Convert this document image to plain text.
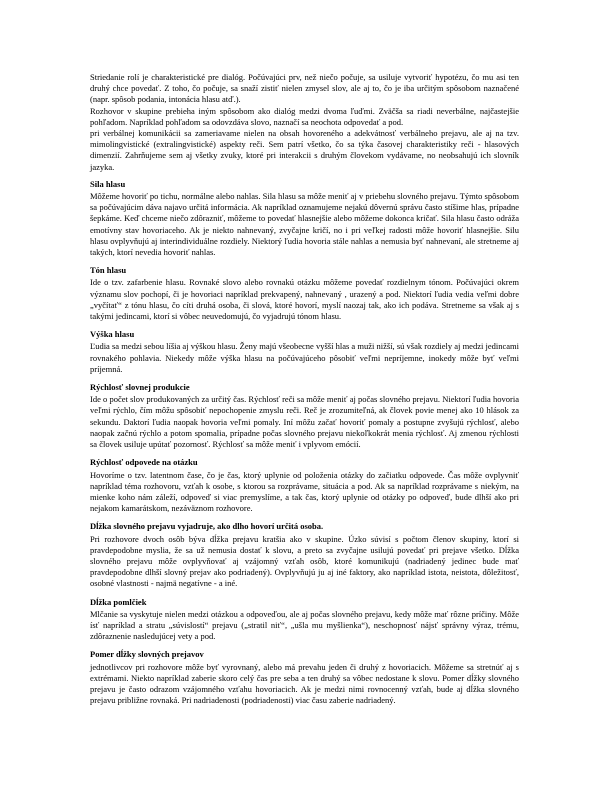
Striedanie rolí je charakteristické pre dialóg. Počúvajúci prv, než niečo počuje, sa usiluje vytvoriť hypotézu, čo mu asi ten druhý chce povedať. Z toho, čo počuje, sa snaží zistiť nielen zmysel slov, ale aj to, čo je iba určitým spôsobom naznačené (napr. spôsob podania, intonácia hlasu atď.).

Rozhovor v skupine prebieha iným spôsobom ako dialóg medzi dvoma ľuďmi. Zväčša sa riadi neverbálne, najčastejšie pohľadom. Napríklad pohľadom sa odovzdáva slovo, naznačí sa neochota odpovedať a pod.

pri verbálnej komunikácii sa zameriavame nielen na obsah hovoreného a adekvátnosť verbálneho prejavu, ale aj na tzv. mimolingvistické (extralingvistické) aspekty reči. Sem patrí všetko, čo sa týka časovej charakteristiky reči - hlasových dimenzií. Zahrňujeme sem aj všetky zvuky, ktoré pri interakcii s druhým človekom vydávame, no neobsahujú ich slovník jazyka.

Sila hlasu

Môžeme hovoriť po tichu, normálne alebo nahlas. Sila hlasu sa môže meniť aj v priebehu slovného prejavu. Týmto spôsobom sa počúvajúcim dáva najavo určitá informácia. Ak napríklad oznamujeme nejakú dôvernú správu často stíšime hlas, prípadne šepkáme. Keď chceme niečo zdôrazniť, môžeme to povedať hlasnejšie alebo môžeme dokonca kričať. Sila hlasu často odráža emotívny stav hovoriaceho. Ak je niekto nahnevaný, zvyčajne kričí, no i pri veľkej radosti môže hovoriť hlasnejšie. Silu hlasu ovplyvňujú aj interindividuálne rozdiely. Niektorý ľudia hovoria stále nahlas a nemusia byť nahnevaní, ale stretneme aj takých, ktorí nevedia hovoriť nahlas.

Tón hlasu

Ide o tzv. zafarbenie hlasu. Rovnaké slovo alebo rovnakú otázku môžeme povedať rozdielnym tónom. Počúvajúci okrem významu slov pochopí, či je hovoriaci napríklad prekvapený, nahnevaný , urazený a pod. Niektorí ľudia vedia veľmi dobre „vyčítať“ z tónu hlasu, čo cíti druhá osoba, či slová, ktoré hovorí, myslí naozaj tak, ako ich podáva. Stretneme sa však aj s takými jedincami, ktorí si vôbec neuvedomujú, čo vyjadrujú tónom hlasu.

Výška hlasu

Ľudia sa medzi sebou líšia aj výškou hlasu. Ženy majú všeobecne vyšší hlas a muži nižší, sú však rozdiely aj medzi jedincami rovnakého pohlavia. Niekedy môže výška hlasu na počúvajúceho pôsobiť veľmi nepríjemne, inokedy môže byť veľmi príjemná.

Rýchlosť slovnej produkcie

Ide o počet slov produkovaných za určitý čas. Rýchlosť reči sa môže meniť aj počas slovného prejavu. Niektorí ľudia hovoria veľmi rýchlo, čím môžu spôsobiť nepochopenie zmyslu reči. Reč je zrozumiteľná, ak človek povie menej ako 10 hlások za sekundu. Daktorí ľudia naopak hovoria veľmi pomaly. Iní môžu začať hovoriť pomaly a postupne zvyšujú rýchlosť, alebo naopak začnú rýchlo a potom spomalia, prípadne počas slovného prejavu niekoľkokrát menia rýchlosť. Aj zmenou rýchlosti sa človek usiluje upútať pozornosť. Rýchlosť sa môže meniť i vplyvom emócií.

Rýchlosť odpovede na otázku

Hovoríme o tzv. latentnom čase, čo je čas, ktorý uplynie od položenia otázky do začiatku odpovede. Čas môže ovplyvniť napríklad téma rozhovoru, vzťah k osobe, s ktorou sa rozprávame, situácia a pod. Ak sa napríklad rozprávame s niekým, na mienke koho nám záleží, odpoveď si viac premyslíme, a tak čas, ktorý uplynie od otázky po odpoveď, bude dlhší ako pri nejakom kamarátskom, nezáväznom rozhovore.

Dĺžka slovného prejavu vyjadruje, ako dlho hovorí určitá osoba.

Pri rozhovore dvoch osôb býva dĺžka prejavu kratšia ako v skupine. Úzko súvisí s počtom členov skupiny, ktorí si pravdepodobne myslia, že sa už nemusia dostať k slovu, a preto sa zvyčajne usilujú povedať pri prejave všetko. Dĺžka slovného prejavu môže ovplyvňovať aj vzájomný vzťah osôb, ktoré komunikujú (nadriadený jedinec bude mať pravdepodobne dlhší slovný prejav ako podriadený). Ovplyvňujú ju aj iné faktory, ako napríklad istota, neistota, dôležitosť, osobné vlastnosti - najmä negatívne - a iné.

Dĺžka pomlčiek

Mlčanie sa vyskytuje nielen medzi otázkou a odpoveďou, ale aj počas slovného prejavu, kedy môže mať rôzne príčiny. Môže ísť napríklad a stratu „súvislostí“ prejavu („stratil niť“, „ušla mu myšlienka“), neschopnosť nájsť správny výraz, trému, zdôraznenie nasledujúcej vety a pod.

Pomer dĺžky slovných prejavov

jednotlivcov pri rozhovore môže byť vyrovnaný, alebo má prevahu jeden či druhý z hovoriacich. Môžeme sa stretnúť aj s extrémami. Niekto napríklad zaberie skoro celý čas pre seba a ten druhý sa vôbec nedostane k slovu. Pomer dĺžky slovného prejavu je často odrazom vzájomného vzťahu hovoriacich. Ak je medzi nimi rovnocenný vzťah, bude aj dĺžka slovného prejavu približne rovnaká. Pri nadriadenosti (podriadenosti) viac času zaberie nadriadený.
